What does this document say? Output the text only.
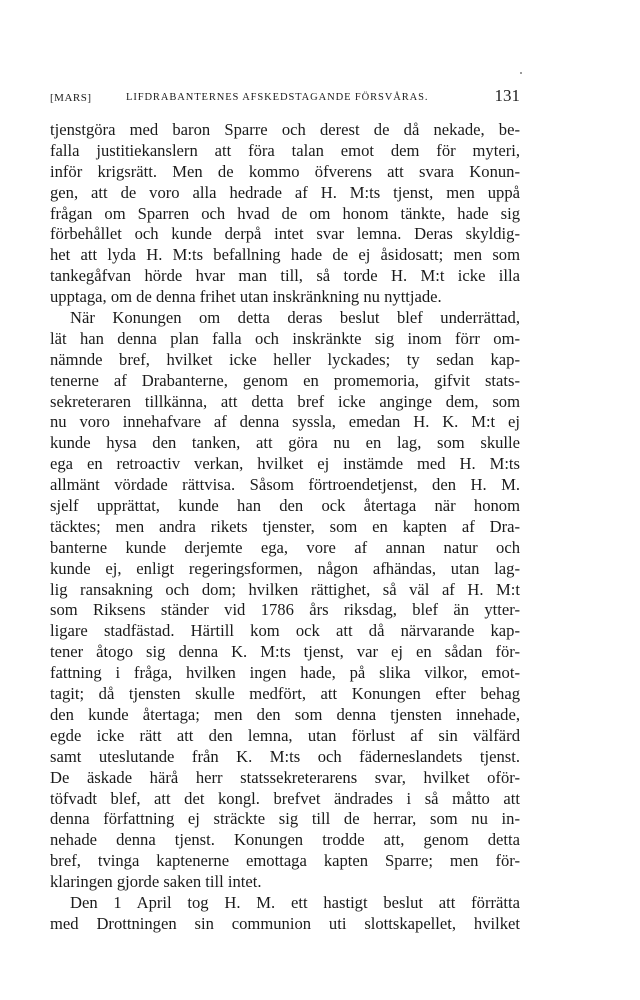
[MARS]	LIFDRABANTERNES AFSKEDSTAGANDE FÖRSVÅRAS.	131
tjenstgöra med baron Sparre och derest de då nekade, be-
falla justitiekanslern att föra talan emot dem för myteri,
inför krigsrätt. Men de kommo öfverens att svara Konun-
gen, att de voro alla hedrade af H. M:ts tjenst, men uppå
frågan om Sparren och hvad de om honom tänkte, hade sig
förbehållet och kunde derpå intet svar lemna. Deras skyldig-
het att lyda H. M:ts befallning hade de ej åsidosatt; men som
tankegåfvan hörde hvar man till, så torde H. M:t icke illa
upptaga, om de denna frihet utan inskränkning nu nyttjade.
När Konungen om detta deras beslut blef underrättad,
lät han denna plan falla och inskränkte sig inom förr om-
nämnde bref, hvilket icke heller lyckades; ty sedan kap-
tenerne af Drabanterne, genom en promemoria, gifvit stats-
sekreteraren tillkänna, att detta bref icke anginge dem, som
nu voro innehafvare af denna syssla, emedan H. K. M:t ej
kunde hysa den tanken, att göra nu en lag, som skulle
ega en retroactiv verkan, hvilket ej instämde med H. M:ts
allmänt vördade rättvisa. Såsom förtroendetjenst, den H. M.
sjelf upprättat, kunde han den ock återtaga när honom
täcktes; men andra rikets tjenster, som en kapten af Dra-
banterne kunde derjemte ega, vore af annan natur och
kunde ej, enligt regeringsformen, någon afhändas, utan lag-
lig ransakning och dom; hvilken rättighet, så väl af H. M:t
som Riksens ständer vid 1786 års riksdag, blef än ytter-
ligare stadfästad. Härtill kom ock att då närvarande kap-
tener åtogo sig denna K. M:ts tjenst, var ej en sådan för-
fattning i fråga, hvilken ingen hade, på slika vilkor, emot-
tagit; då tjensten skulle medfört, att Konungen efter behag
den kunde återtaga; men den som denna tjensten innehade,
egde icke rätt att den lemna, utan förlust af sin välfärd
samt uteslutande från K. M:ts och fäderneslandets tjenst.
De äskade härå herr statssekreterarens svar, hvilket oför-
töfvadt blef, att det kongl. brefvet ändrades i så måtto att
denna författning ej sträckte sig till de herrar, som nu in-
nehade denna tjenst. Konungen trodde att, genom detta
bref, tvinga kaptenerne emottaga kapten Sparre; men för-
klaringen gjorde saken till intet.
Den 1 April tog H. M. ett hastigt beslut att förrätta
med Drottningen sin communion uti slottskapellet, hvilket
